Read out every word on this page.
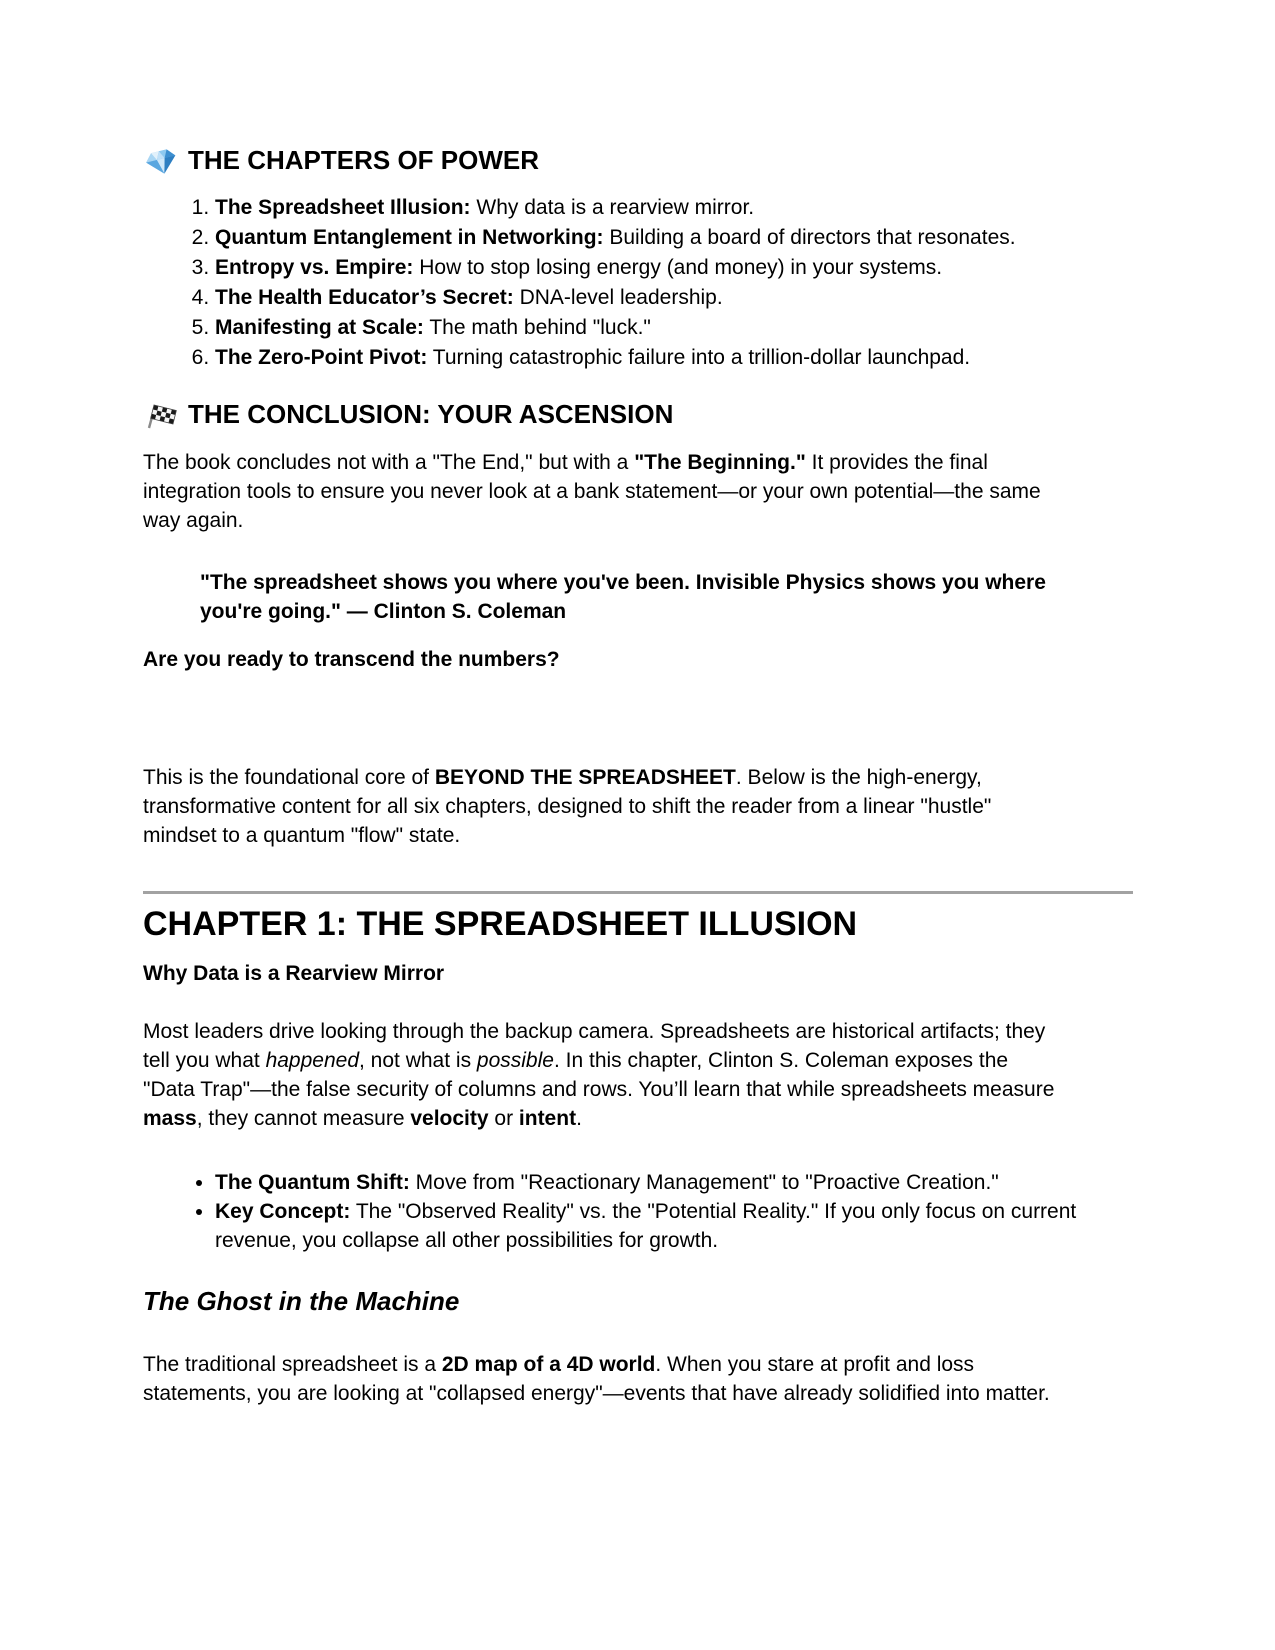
THE CHAPTERS OF POWER
1. The Spreadsheet Illusion: Why data is a rearview mirror.
2. Quantum Entanglement in Networking: Building a board of directors that resonates.
3. Entropy vs. Empire: How to stop losing energy (and money) in your systems.
4. The Health Educator’s Secret: DNA-level leadership.
5. Manifesting at Scale: The math behind "luck."
6. The Zero-Point Pivot: Turning catastrophic failure into a trillion-dollar launchpad.
THE CONCLUSION: YOUR ASCENSION

The book concludes not with a "The End," but with a "The Beginning." It provides the final integration tools to ensure you never look at a bank statement—or your own potential—the same way again.

"The spreadsheet shows you where you've been. Invisible Physics shows you where you're going." — Clinton S. Coleman

Are you ready to transcend the numbers?

This is the foundational core of BEYOND THE SPREADSHEET. Below is the high-energy, transformative content for all six chapters, designed to shift the reader from a linear "hustle" mindset to a quantum "flow" state.

CHAPTER 1: THE SPREADSHEET ILLUSION

Why Data is a Rearview Mirror

Most leaders drive looking through the backup camera. Spreadsheets are historical artifacts; they tell you what happened, not what is possible. In this chapter, Clinton S. Coleman exposes the "Data Trap"—the false security of columns and rows. You’ll learn that while spreadsheets measure mass, they cannot measure velocity or intent.

• The Quantum Shift: Move from "Reactionary Management" to "Proactive Creation."
• Key Concept: The "Observed Reality" vs. the "Potential Reality." If you only focus on current revenue, you collapse all other possibilities for growth.
The Ghost in the Machine

The traditional spreadsheet is a 2D map of a 4D world. When you stare at profit and loss statements, you are looking at "collapsed energy"—events that have already solidified into matter.
